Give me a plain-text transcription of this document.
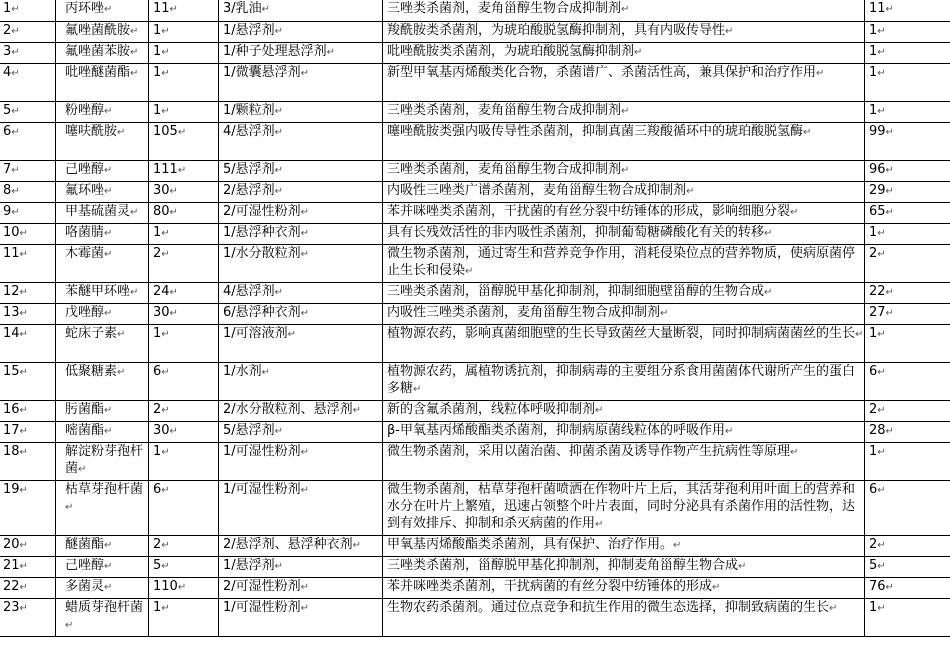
1↵	丙环唑↵	11↵	3/乳油↵	三唑类杀菌剂，麦角甾醇生物合成抑制剂↵	11↵
2↵	氟唑菌酰胺↵	1↵	1/悬浮剂↵	羧酰胺类杀菌剂，为琥珀酸脱氢酶抑制剂，具有内吸传导性↵	1↵
3↵	氟唑菌苯胺↵	1↵	1/种子处理悬浮剂↵	吡唑酰胺类杀菌剂，为琥珀酸脱氢酶抑制剂↵	1↵
4↵	吡唑醚菌酯↵	1↵	1/微囊悬浮剂↵	新型甲氧基丙烯酸类化合物，杀菌谱广、杀菌活性高，兼具保护和治疗作用↵	1↵
5↵	粉唑醇↵	1↵	1/颗粒剂↵	三唑类杀菌剂，麦角甾醇生物合成抑制剂↵	1↵
6↵	噻呋酰胺↵	105↵	4/悬浮剂↵	噻唑酰胺类强内吸传导性杀菌剂，抑制真菌三羧酸循环中的琥珀酸脱氢酶↵	99↵
7↵	己唑醇↵	111↵	5/悬浮剂↵	三唑类杀菌剂，麦角甾醇生物合成抑制剂↵	96↵
8↵	氟环唑↵	30↵	2/悬浮剂↵	内吸性三唑类广谱杀菌剂，麦角甾醇生物合成抑制剂↵	29↵
9↵	甲基硫菌灵↵	80↵	2/可湿性粉剂↵	苯并咪唑类杀菌剂，干扰菌的有丝分裂中纺锤体的形成，影响细胞分裂↵	65↵
10↵	咯菌腈↵	1↵	1/悬浮种衣剂↵	具有长残效活性的非内吸性杀菌剂，抑制葡萄糖磷酸化有关的转移↵	1↵
11↵	木霉菌↵	2↵	1/水分散粒剂↵	微生物杀菌剂，通过寄生和营养竞争作用，消耗侵染位点的营养物质，使病原菌停止生长和侵染↵	2↵
12↵	苯醚甲环唑↵	24↵	4/悬浮剂↵	三唑类杀菌剂，甾醇脱甲基化抑制剂，抑制细胞壁甾醇的生物合成↵	22↵
13↵	戊唑醇↵	30↵	6/悬浮种衣剂↵	内吸性三唑类杀菌剂，麦角甾醇生物合成抑制剂↵	27↵
14↵	蛇床子素↵	1↵	1/可溶液剂↵	植物源农药，影响真菌细胞壁的生长导致菌丝大量断裂，同时抑制病菌菌丝的生长↵	1↵
15↵	低聚糖素↵	6↵	1/水剂↵	植物源农药，属植物诱抗剂，抑制病毒的主要组分系食用菌菌体代谢所产生的蛋白多糖↵	6↵
16↵	肟菌酯↵	2↵	2/水分散粒剂、悬浮剂↵	新的含氟杀菌剂，线粒体呼吸抑制剂↵	2↵
17↵	嘧菌酯↵	30↵	5/悬浮剂↵	β-甲氧基丙烯酸酯类杀菌剂，抑制病原菌线粒体的呼吸作用↵	28↵
18↵	解淀粉芽孢杆菌↵	1↵	1/可湿性粉剂↵	微生物杀菌剂，采用以菌治菌、抑菌杀菌及诱导作物产生抗病性等原理↵	1↵
19↵	枯草芽孢杆菌↵	6↵	1/可湿性粉剂↵	微生物杀菌剂，枯草芽孢杆菌喷洒在作物叶片上后，其活芽孢利用叶面上的营养和水分在叶片上繁殖，迅速占领整个叶片表面，同时分泌具有杀菌作用的活性物，达到有效排斥、抑制和杀灭病菌的作用↵	6↵
20↵	醚菌酯↵	2↵	2/悬浮剂、悬浮种衣剂↵	甲氧基丙烯酸酯类杀菌剂，具有保护、治疗作用。↵	2↵
21↵	己唑醇↵	5↵	1/悬浮剂↵	三唑类杀菌剂，甾醇脱甲基化抑制剂，抑制麦角甾醇生物合成↵	5↵
22↵	多菌灵↵	110↵	2/可湿性粉剂↵	苯并咪唑类杀菌剂，干扰病菌的有丝分裂中纺锤体的形成↵	76↵
23↵	蜡质芽孢杆菌↵	1↵	1/可湿性粉剂↵	生物农药杀菌剂。通过位点竞争和抗生作用的微生态选择，抑制致病菌的生长↵	1↵
